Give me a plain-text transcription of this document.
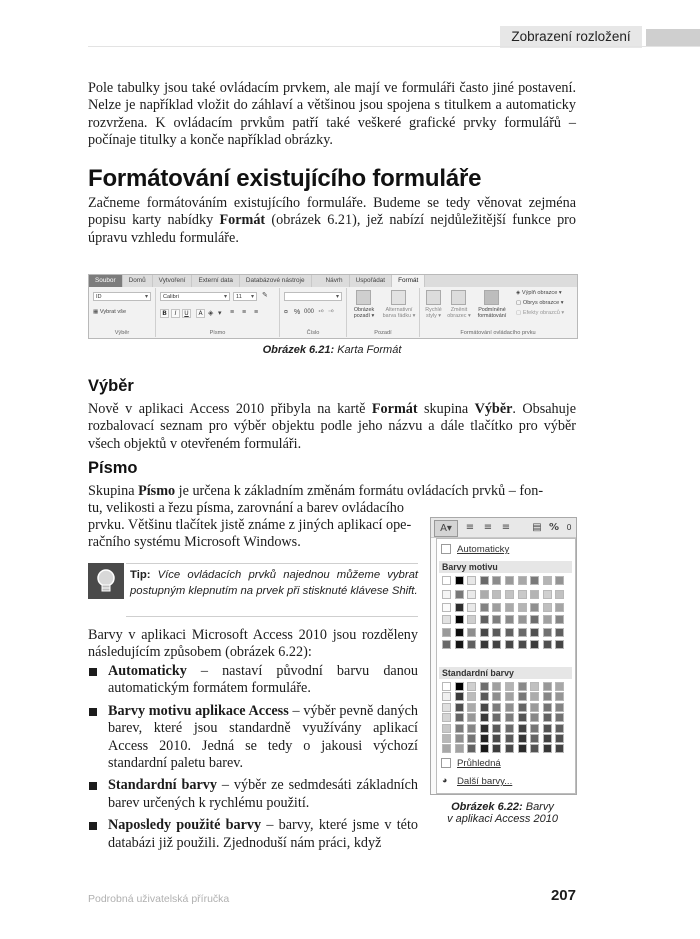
Zobrazení rozložení

Pole tabulky jsou také ovládacím prvkem, ale mají ve formuláři často jiné postavení. Nelze je například vložit do záhlaví a většinou jsou spojena s titulkem a automaticky rozvržena. K ovládacím prvkům patří také veškeré grafické prvky formulářů – počínaje titulky a konče například obrázky.

Formátování existujícího formuláře

Začneme formátováním existujícího formuláře. Budeme se tedy věnovat zejména popisu karty nabídky Formát (obrázek 6.21), jež nabízí nejdůležitější funkce pro úpravu vzhledu formuláře.

Soubor	Domů	Vytvoření	Externí data	Databázové nástroje	Návrh	Uspořádat	Formát
ID ▾
▦ Vybrat vše
Výběr
Calibri ▾	11 ▾	✎
B	I	U	A ◈ ▾ ≡ ≡ ≡
Písmo
▾
¤ % 000 ⁺⁰ ⁻⁰
Číslo
Obrázek pozadí ▾
Alternativní barva řádku ▾
Pozadí
Rychlé styly ▾
Změnit obrazec ▾
Podmíněné formátování
◈ Výplň obrazce ▾
▢ Obrys obrazce ▾
▢ Efekty obrazců ▾
Formátování ovládacího prvku
Obrázek 6.21: Karta Formát
Výběr

Nově v aplikaci Access 2010 přibyla na kartě Formát skupina Výběr. Obsahuje rozbalovací seznam pro výběr objektu podle jeho názvu a dále tlačítko pro výběr všech objektů v otevřeném formuláři.

Písmo

Skupina Písmo je určena k základním změnám formátu ovládacích prvků – fon-

tu, velikosti a řezu písma, zarovnání a barev ovládacího

prvku. Většinu tlačítek jistě známe z jiných aplikací ope-

račního systému Microsoft Windows.

Tip: Více ovládacích prvků najednou můžeme vybrat postupným klepnutím na prvek při stisknuté klávese Shift.

Barvy v aplikaci Microsoft Access 2010 jsou rozděleny následujícím způsobem (obrázek 6.22):

Automaticky – nastaví původní barvu danou automatickým formátem formuláře.

Barvy motivu aplikace Access – výběr pevně daných barev, které jsou standardně využívány aplikací Access 2010. Jedná se tedy o jakousi výchozí standardní paletu barev.

Standardní barvy – výběr ze sedmdesáti základních barev určených k rychlému použití.

Naposledy použité barvy – barvy, které jsme v této databázi již použili. Zjednoduší nám práci, když

A▾	≡ ≡ ≡	▤ % 0
Automaticky
Barvy motivu
Standardní barvy
Průhledná
◕ Další barvy...
Obrázek 6.22: Barvy
v aplikaci Access 2010
Podrobná uživatelská příručka	207
